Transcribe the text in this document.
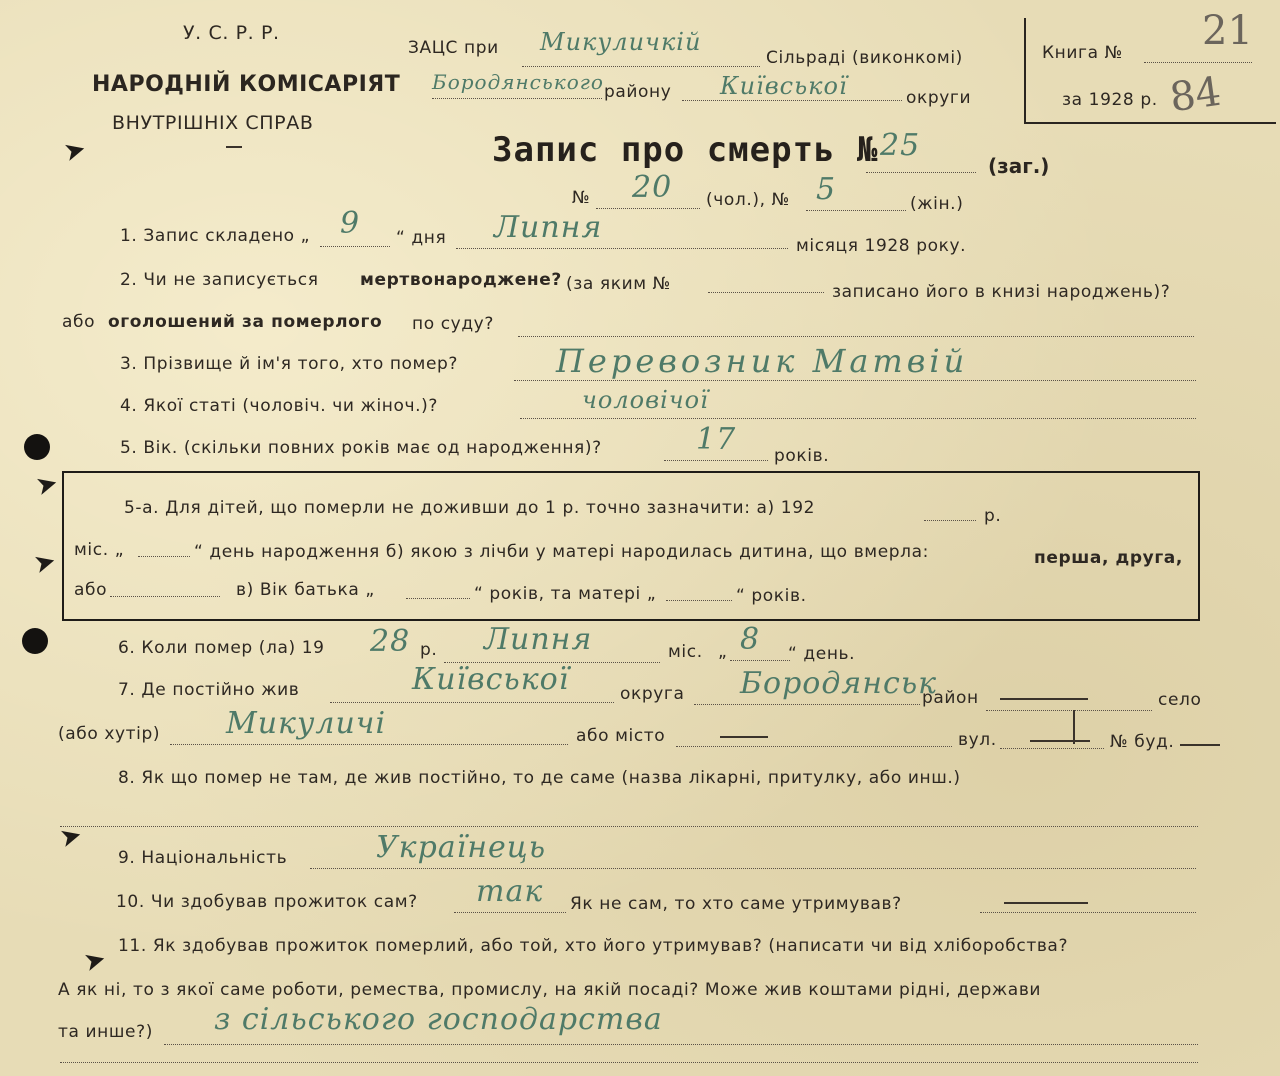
У. С. Р. Р.
НАРОДНІЙ КОМІСАРІЯТ
ВНУТРІШНІХ СПРАВ
ЗАЦС при Микуличкій
Сільраді (виконкомі)
Бородянського району Київської	округи
Книга № 21
за 1928 р. 84
Запис про смерть № 25
(заг.)
№ 20 (чол.), № 5	(жін.)
1. Запис складено „ 9 “ дня Липня
місяця 1928 року.
2. Чи не записується мертвонароджене? (за яким №	записано його в книзі народжень)?
або оголошений за померлого по суду?
3. Прізвище й ім'я того, хто помер?	Перевозник Матвій
4. Якої статі (чоловіч. чи жіноч.)?	чоловічої
5. Вік. (скільки повних років має од народження)?	17 років.
5-а. Для дітей, що померли не доживши до 1 р. точно зазначити: а) 192	р.
міс. „	“ день народження б) якою з лічби у матері народилась дитина, що вмерла:	перша, друга,
або	в) Вік батька „	“ років, та матері „	“ років.
6. Коли помер (ла) 19 28 р. Липня	міс. „ 8 “ день.
7. Де постійно жив	Київської	округа Бородянськ
район	село
(або хутір) Микуличі	або місто	вул.	№ буд.
8. Як що помер не там, де жив постійно, то де саме (назва лікарні, притулку, або инш.)
9. Національність	Українець
10. Чи здобував прожиток сам? так Як не сам, то хто саме утримував?
11. Як здобував прожиток померлий, або той, хто його утримував? (написати чи від хліборобства?
А як ні, то з якої саме роботи, ремества, промислу, на якій посаді? Може жив коштами рідні, держави
та инше?) з сільського господарства
➤
➤
➤
➤
➤
